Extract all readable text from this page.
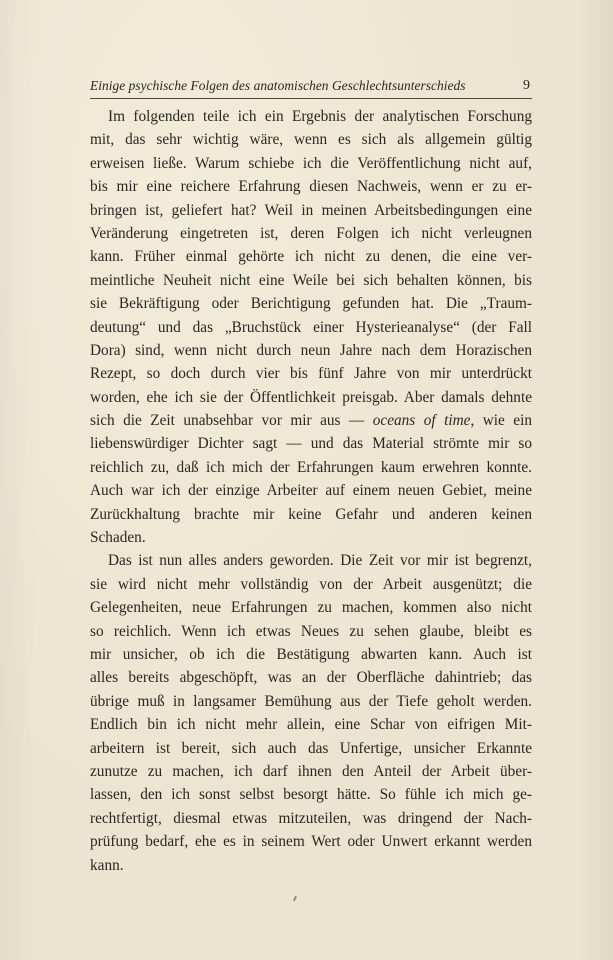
Einige psychische Folgen des anatomischen Geschlechtsunterschieds	9
Im folgenden teile ich ein Ergebnis der analytischen Forschung
mit, das sehr wichtig wäre, wenn es sich als allgemein gültig
erweisen ließe. Warum schiebe ich die Veröffentlichung nicht auf,
bis mir eine reichere Erfahrung diesen Nachweis, wenn er zu er-
bringen ist, geliefert hat? Weil in meinen Arbeitsbedingungen eine
Veränderung eingetreten ist, deren Folgen ich nicht verleugnen
kann. Früher einmal gehörte ich nicht zu denen, die eine ver-
meintliche Neuheit nicht eine Weile bei sich behalten können, bis
sie Bekräftigung oder Berichtigung gefunden hat. Die „Traum-
deutung“ und das „Bruchstück einer Hysterieanalyse“ (der Fall
Dora) sind, wenn nicht durch neun Jahre nach dem Horazischen
Rezept, so doch durch vier bis fünf Jahre von mir unterdrückt
worden, ehe ich sie der Öffentlichkeit preisgab. Aber damals dehnte
sich die Zeit unabsehbar vor mir aus — oceans of time, wie ein
liebenswürdiger Dichter sagt — und das Material strömte mir so
reichlich zu, daß ich mich der Erfahrungen kaum erwehren konnte.
Auch war ich der einzige Arbeiter auf einem neuen Gebiet, meine
Zurückhaltung brachte mir keine Gefahr und anderen keinen
Schaden.
Das ist nun alles anders geworden. Die Zeit vor mir ist begrenzt,
sie wird nicht mehr vollständig von der Arbeit ausgenützt; die
Gelegenheiten, neue Erfahrungen zu machen, kommen also nicht
so reichlich. Wenn ich etwas Neues zu sehen glaube, bleibt es
mir unsicher, ob ich die Bestätigung abwarten kann. Auch ist
alles bereits abgeschöpft, was an der Oberfläche dahintrieb; das
übrige muß in langsamer Bemühung aus der Tiefe geholt werden.
Endlich bin ich nicht mehr allein, eine Schar von eifrigen Mit-
arbeitern ist bereit, sich auch das Unfertige, unsicher Erkannte
zunutze zu machen, ich darf ihnen den Anteil der Arbeit über-
lassen, den ich sonst selbst besorgt hätte. So fühle ich mich ge-
rechtfertigt, diesmal etwas mitzuteilen, was dringend der Nach-
prüfung bedarf, ehe es in seinem Wert oder Unwert erkannt werden
kann.
